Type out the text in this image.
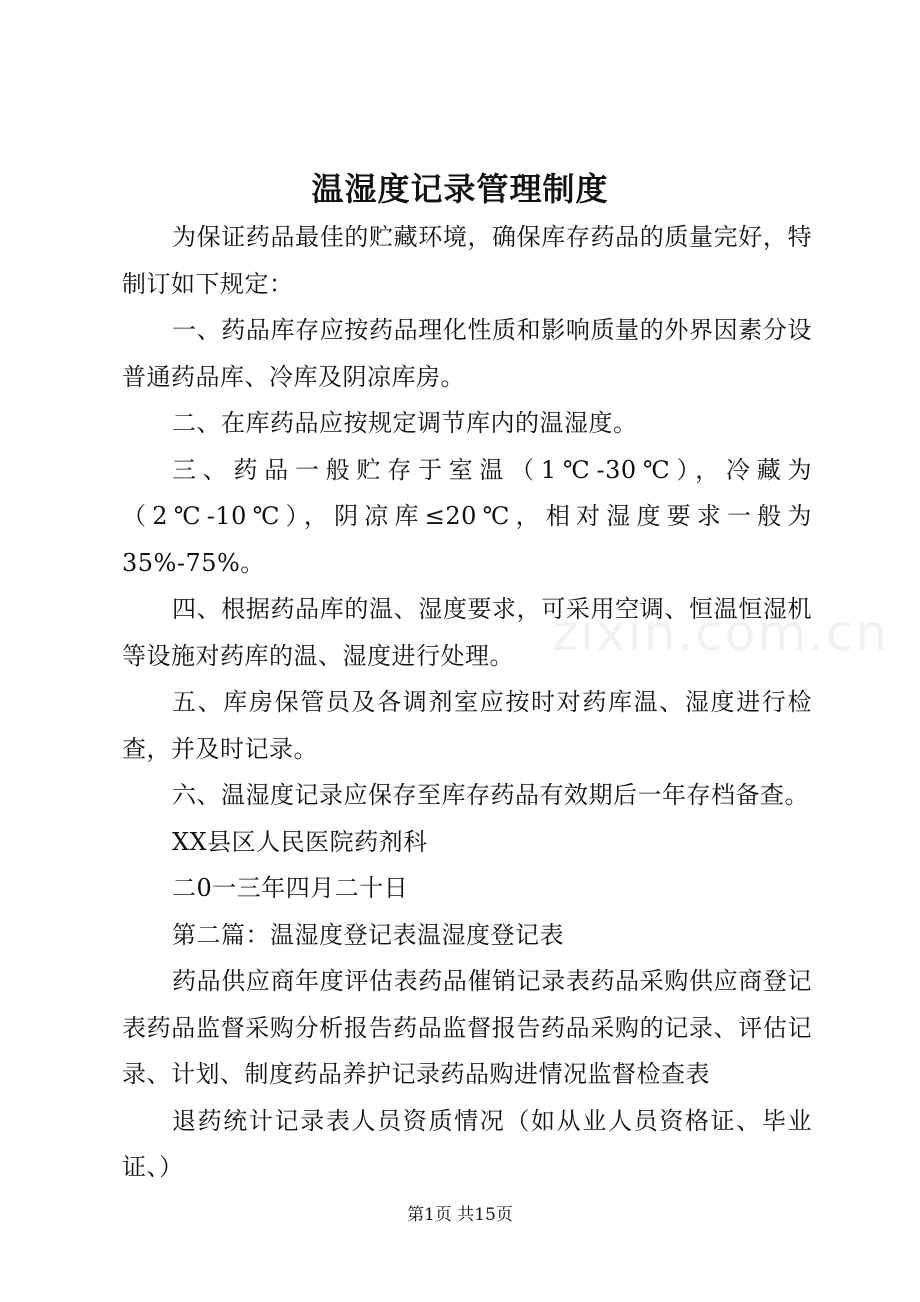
温湿度记录管理制度
zixin.com.cn

为保证药品最佳的贮藏环境，确保库存药品的质量完好，特制订如下规定：

一、药品库存应按药品理化性质和影响质量的外界因素分设普通药品库、冷库及阴凉库房。

二、在库药品应按规定调节库内的温湿度。

三、药品一般贮存于室温（1℃-30℃），冷藏为（2℃-10℃），阴凉库≤20℃，相对湿度要求一般为35%-75%。

四、根据药品库的温、湿度要求，可采用空调、恒温恒湿机等设施对药库的温、湿度进行处理。

五、库房保管员及各调剂室应按时对药库温、湿度进行检查，并及时记录。

六、温湿度记录应保存至库存药品有效期后一年存档备查。

XX县区人民医院药剂科

二0一三年四月二十日

第二篇：温湿度登记表温湿度登记表

药品供应商年度评估表药品催销记录表药品采购供应商登记表药品监督采购分析报告药品监督报告药品采购的记录、评估记录、计划、制度药品养护记录药品购进情况监督检查表

退药统计记录表人员资质情况（如从业人员资格证、毕业证、）

第1页 共15页
